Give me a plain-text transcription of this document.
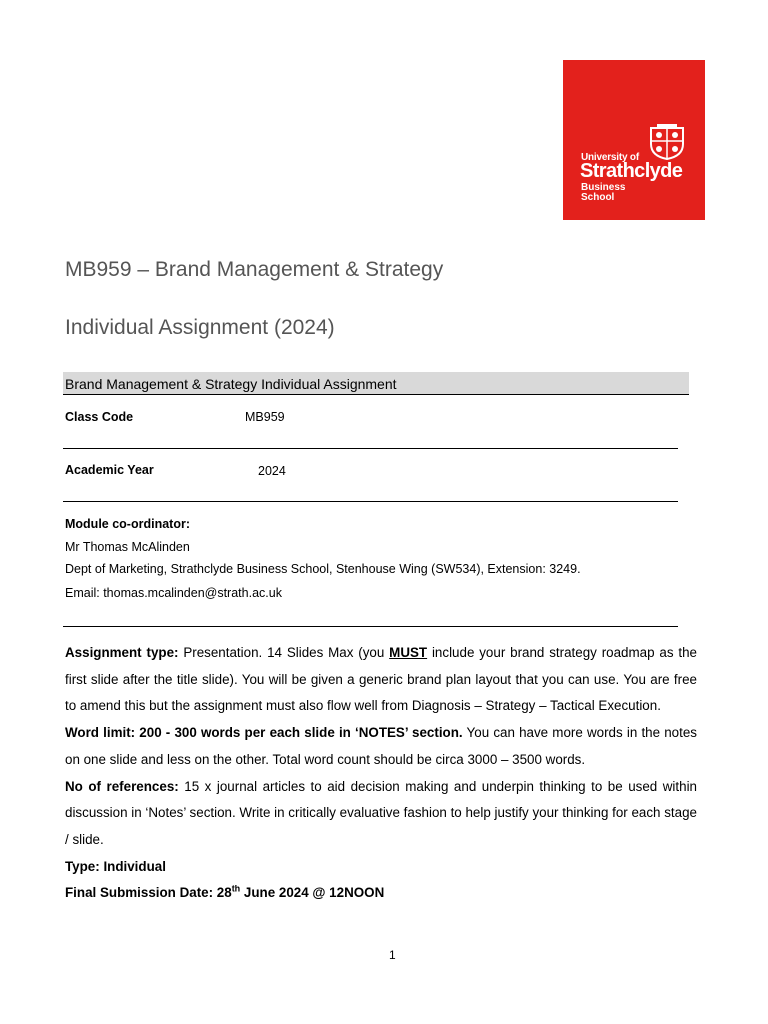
University of
Strathclyde
Business
School
MB959 – Brand Management & Strategy
Individual Assignment (2024)
Brand Management & Strategy Individual Assignment
Class Code	MB959
Academic Year	2024
Module co-ordinator:
Mr Thomas McAlinden
Dept of Marketing, Strathclyde Business School, Stenhouse Wing (SW534), Extension: 3249.
Email: thomas.mcalinden@strath.ac.uk

Assignment type: Presentation. 14 Slides Max (you MUST include your brand strategy roadmap as the first slide after the title slide). You will be given a generic brand plan layout that you can use. You are free to amend this but the assignment must also flow well from Diagnosis – Strategy – Tactical Execution.

Word limit: 200 - 300 words per each slide in ‘NOTES’ section. You can have more words in the notes on one slide and less on the other. Total word count should be circa 3000 – 3500 words.

No of references: 15 x journal articles to aid decision making and underpin thinking to be used within discussion in ‘Notes’ section. Write in critically evaluative fashion to help justify your thinking for each stage / slide.

Type: Individual

Final Submission Date: 28th June 2024 @ 12NOON

1
